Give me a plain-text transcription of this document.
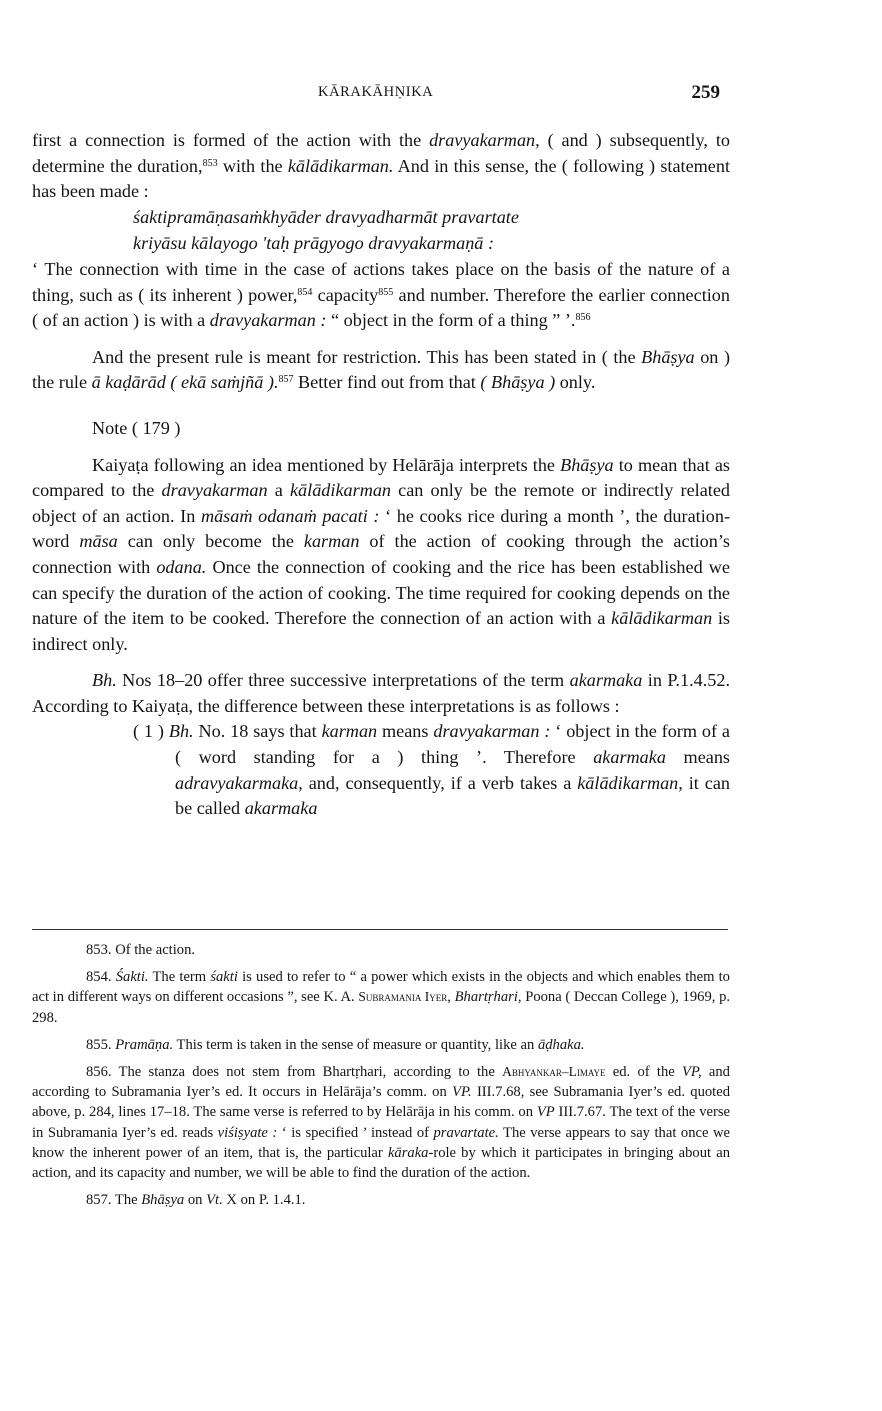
KĀRAKĀHṆIKA	259

first a connection is formed of the action with the dravyakarman, ( and ) subsequently, to determine the duration,$^{853}$ with the kālādikarman. And in this sense, the ( following ) statement has been made :

śaktipramāṇasaṁkhyāder dravyadharmāt pravartate

kriyāsu kālayogo 'taḥ prāgyogo dravyakarmaṇā :

‘ The connection with time in the case of actions takes place on the basis of the nature of a thing, such as ( its inherent ) power,$^{854}$ capacity$^{855}$ and number. Therefore the earlier connection ( of an action ) is with a dravyakarman : “ object in the form of a thing ” ’.$^{856}$

And the present rule is meant for restriction. This has been stated in ( the Bhāṣya on ) the rule ā kaḍārād ( ekā saṁjñā ).$^{857}$ Better find out from that ( Bhāṣya ) only.

Note ( 179 )

Kaiyaṭa following an idea mentioned by Helārāja interprets the Bhāṣya to mean that as compared to the dravyakarman a kālādikarman can only be the remote or indirectly related object of an action. In māsaṁ odanaṁ pacati : ‘ he cooks rice during a month ’, the duration-word māsa can only become the karman of the action of cooking through the action’s connection with odana. Once the connection of cooking and the rice has been established we can specify the duration of the action of cooking. The time required for cooking depends on the nature of the item to be cooked. Therefore the connection of an action with a kālādikarman is indirect only.

Bh. Nos 18–20 offer three successive interpretations of the term akarmaka in P.1.4.52. According to Kaiyaṭa, the difference between these interpretations is as follows :

( 1 ) Bh. No. 18 says that karman means dravyakarman : ‘ object in the form of a ( word standing for a ) thing ’. Therefore akarmaka means adravyakarmaka, and, consequently, if a verb takes a kālādikarman, it can be called akarmaka

853. Of the action.

854. Śakti. The term śakti is used to refer to “ a power which exists in the objects and which enables them to act in different ways on different occasions ”, see K. A. Subramania Iyer, Bhartṛhari, Poona ( Deccan College ), 1969, p. 298.

855. Pramāṇa. This term is taken in the sense of measure or quantity, like an āḍhaka.

856. The stanza does not stem from Bhartṛhari, according to the Abhyankar–Limaye ed. of the VP, and according to Subramania Iyer’s ed. It occurs in Helārāja’s comm. on VP. III.7.68, see Subramania Iyer’s ed. quoted above, p. 284, lines 17–18. The same verse is referred to by Helārāja in his comm. on VP III.7.67. The text of the verse in Subramania Iyer’s ed. reads viśiṣyate : ‘ is specified ’ instead of pravartate. The verse appears to say that once we know the inherent power of an item, that is, the particular kāraka-role by which it participates in bringing about an action, and its capacity and number, we will be able to find the duration of the action.

857. The Bhāṣya on Vt. X on P. 1.4.1.
